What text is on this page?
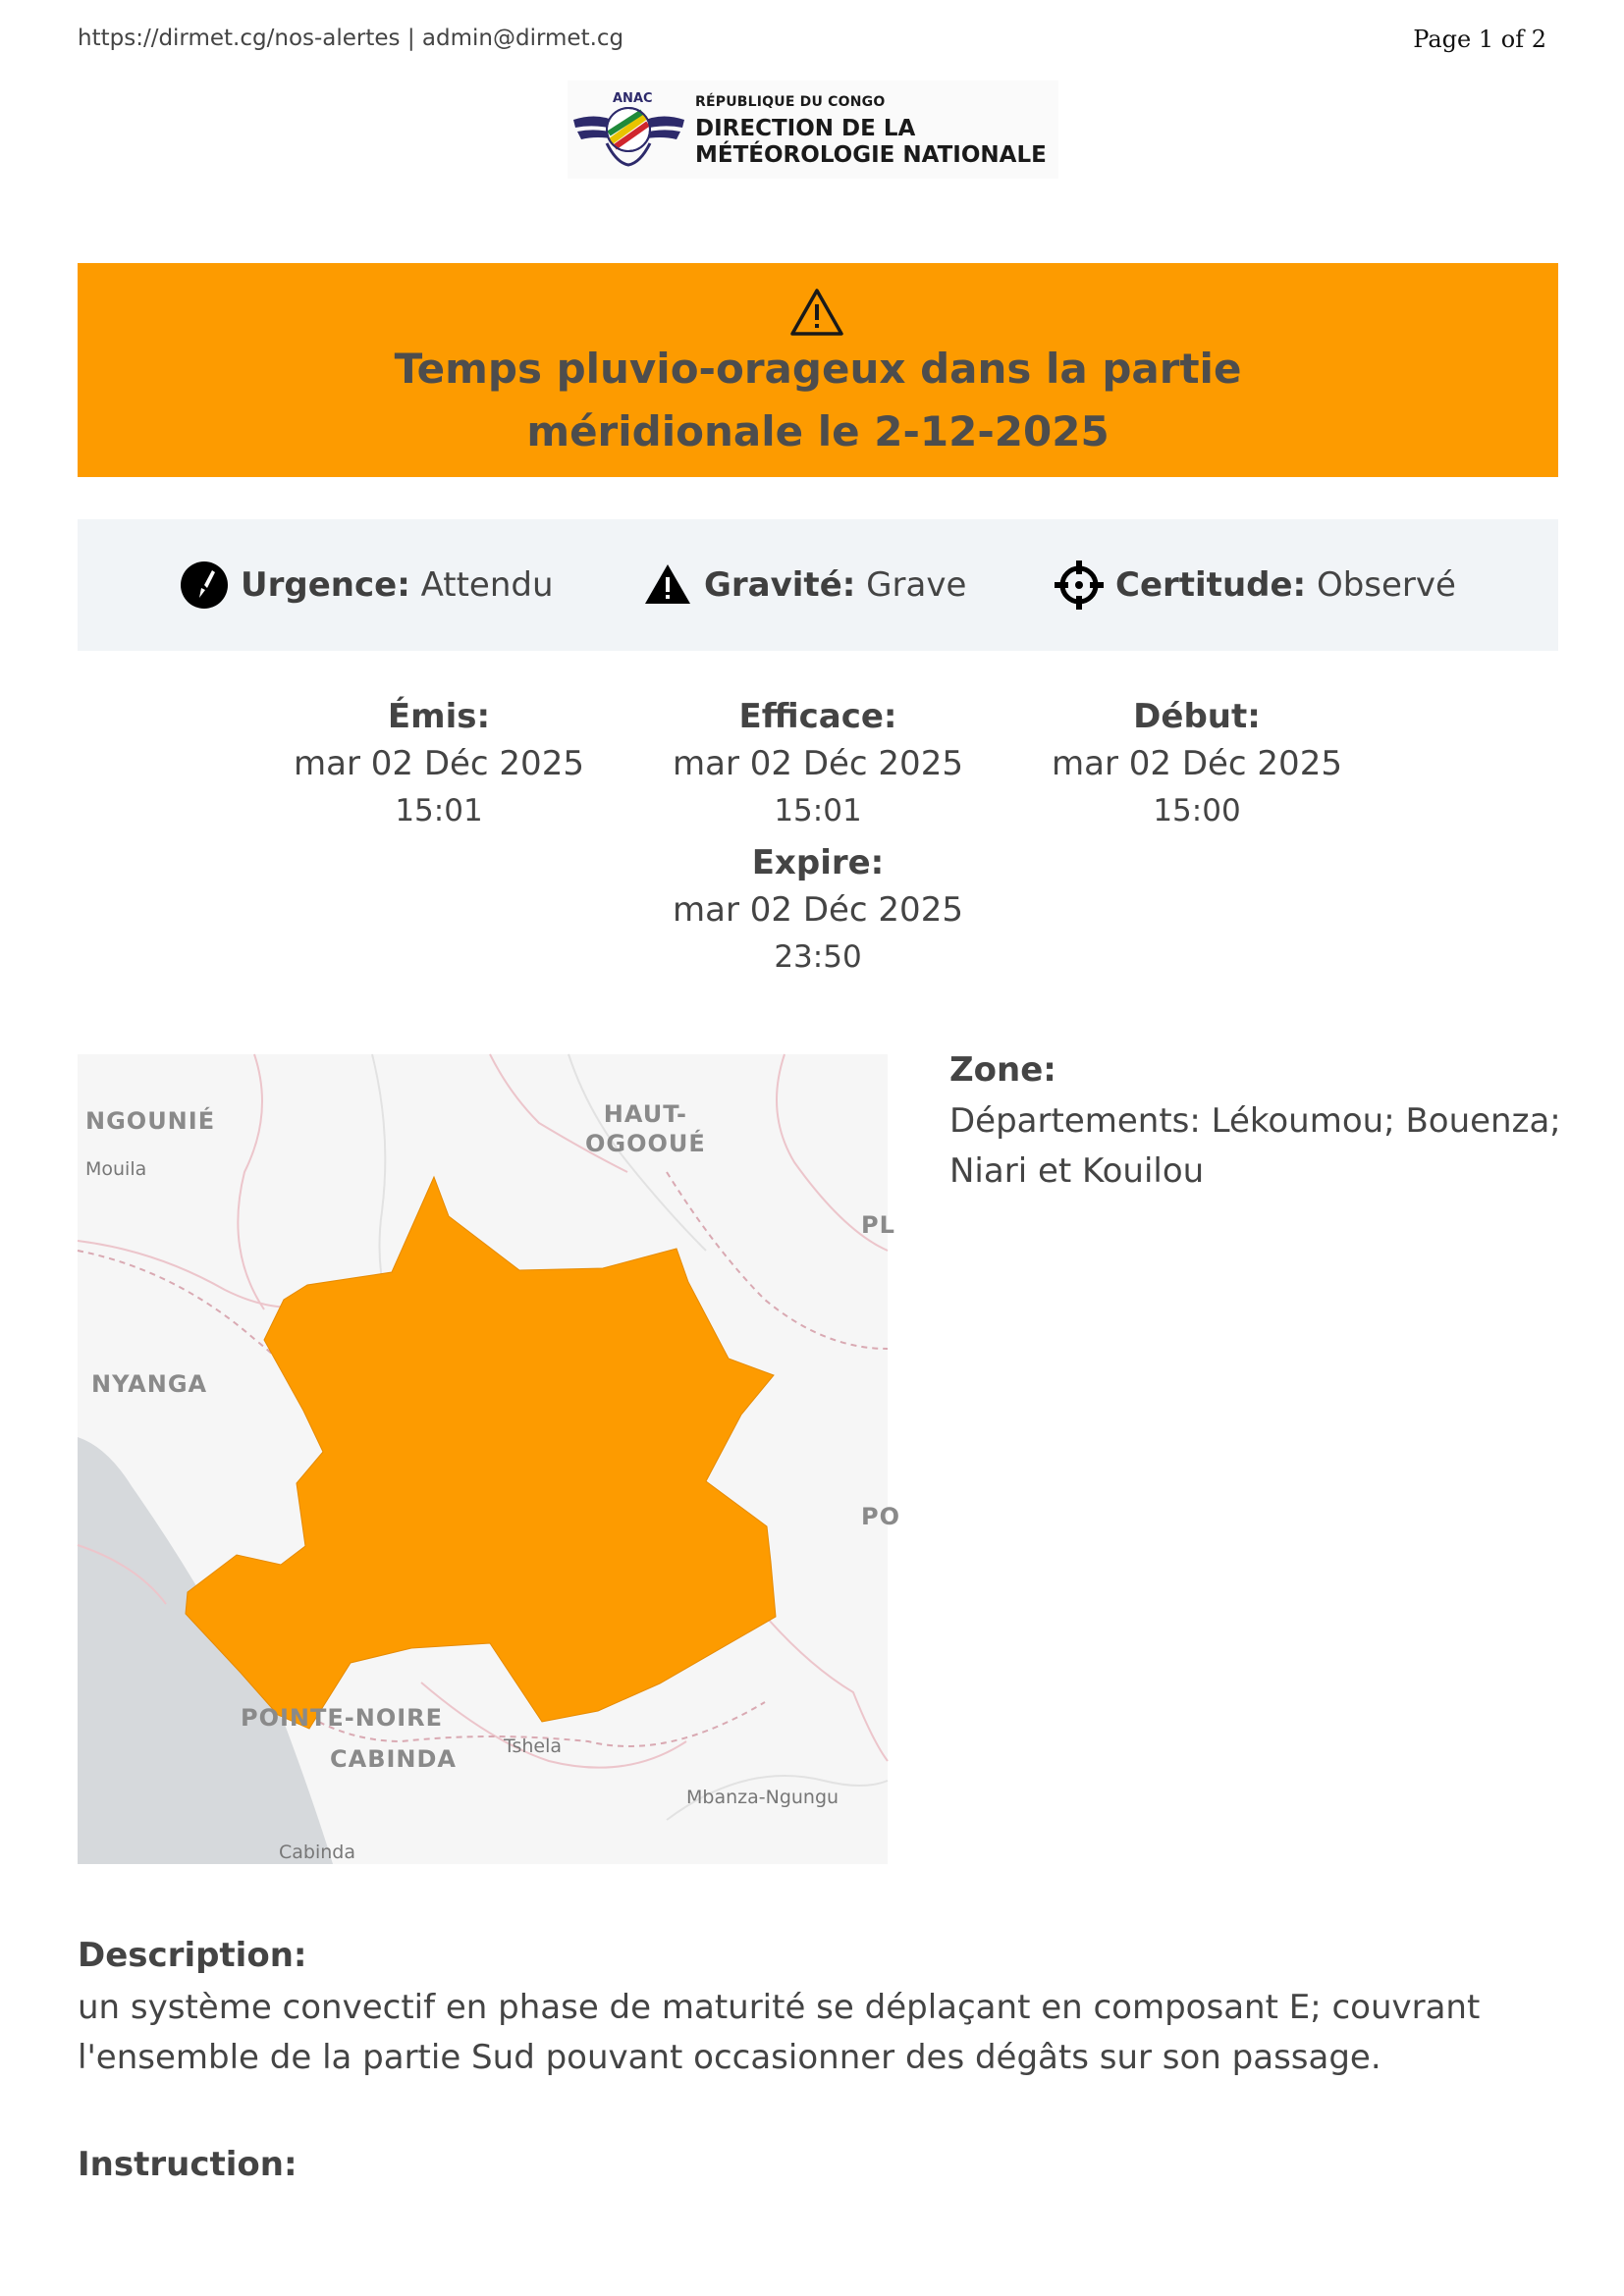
https://dirmet.cg/nos-alertes | admin@dirmet.cg	Page 1 of 2
ANAC	RÉPUBLIQUE DU CONGO
DIRECTION DE LA
MÉTÉOROLOGIE NATIONALE
Temps pluvio-orageux dans la partie méridionale le 2-12-2025
Urgence: Attendu	Gravité: Grave	Certitude: Observé
Émis:
mar 02 Déc 2025
15:01
Efficace:
mar 02 Déc 2025
15:01
Début:
mar 02 Déc 2025
15:00
Expire:
mar 02 Déc 2025
23:50
NGOUNIÉ
Mouila
HAUT-
OGOOUÉ
PL
NYANGA
PO
POINTE-NOIRE
CABINDA	Tshela
Mbanza-Ngungu
Cabinda
Zone:
Départements: Lékoumou; Bouenza; Niari et Kouilou
Description:
un système convectif en phase de maturité se déplaçant en composant E; couvrant l'ensemble de la partie Sud pouvant occasionner des dégâts sur son passage.
Instruction:
